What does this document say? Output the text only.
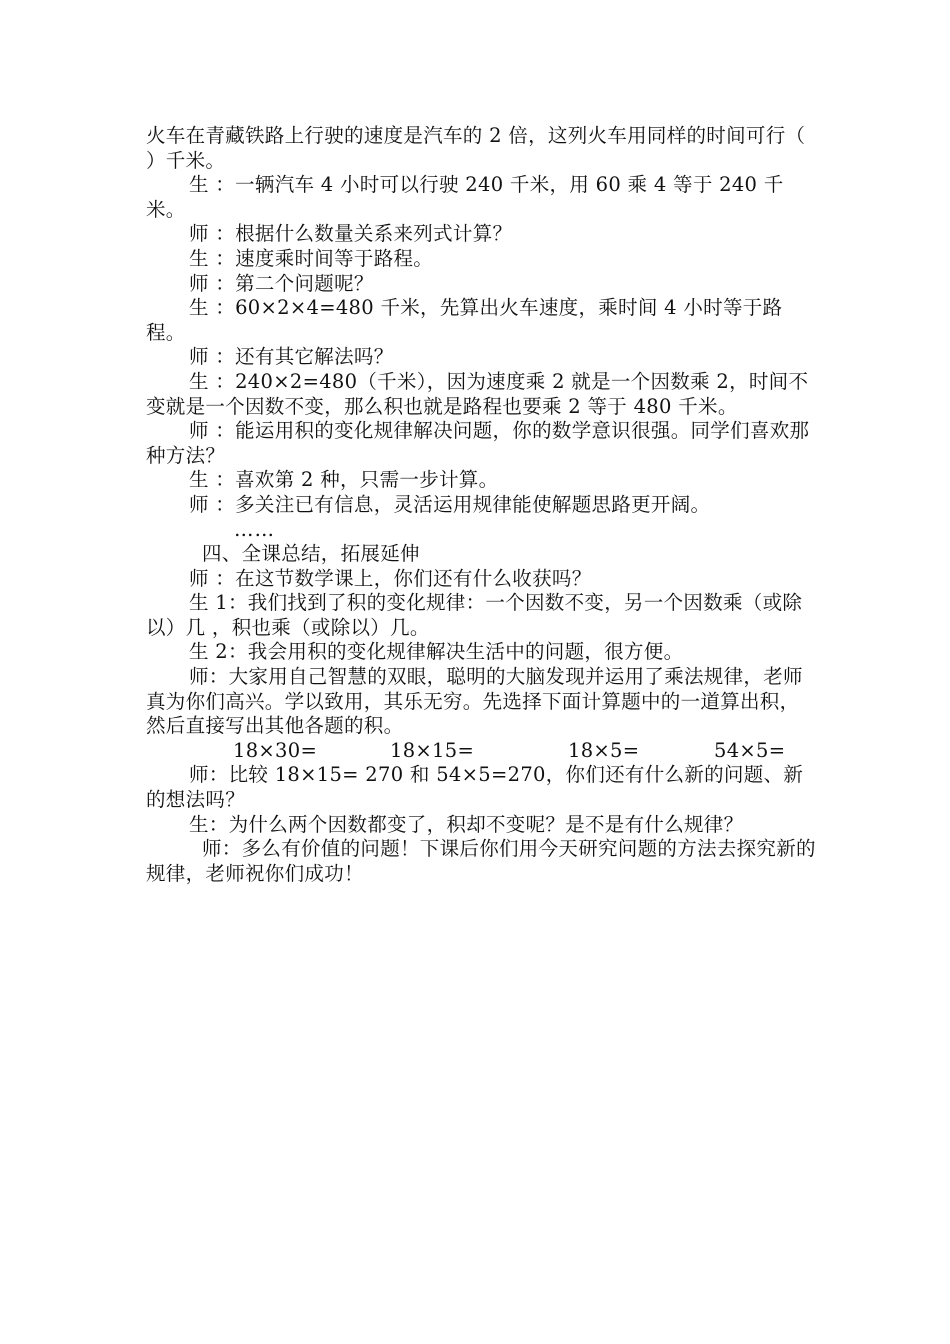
火车在青藏铁路上行驶的速度是汽车的 2 倍，这列火车用同样的时间可行（  ）千米。

生 ：一辆汽车 4 小时可以行驶 240 千米，用 60 乘 4 等于 240 千米。

师 ：根据什么数量关系来列式计算？

生 ：速度乘时间等于路程。

师 ：第二个问题呢？

生 ：60×2×4=480 千米，先算出火车速度，乘时间 4 小时等于路程。

师 ：还有其它解法吗？

生 ：240×2=480（千米），因为速度乘 2 就是一个因数乘 2，时间不变就是一个因数不变，那么积也就是路程也要乘 2 等于 480 千米。

师 ：能运用积的变化规律解决问题，你的数学意识很强。同学们喜欢那种方法？

生 ：喜欢第 2 种，只需一步计算。

师 ：多关注已有信息，灵活运用规律能使解题思路更开阔。

……

四、全课总结，拓展延伸

师 ：在这节数学课上，你们还有什么收获吗？

生 1：我们找到了积的变化规律：一个因数不变，另一个因数乘（或除以）几 ，积也乘（或除以）几。

生 2：我会用积的变化规律解决生活中的问题，很方便。

师：大家用自己智慧的双眼，聪明的大脑发现并运用了乘法规律，老师真为你们高兴。学以致用，其乐无穷。先选择下面计算题中的一道算出积，然后直接写出其他各题的积。

18×30=	18×15=	18×5=	54×5=

师：比较 18×15= 270 和 54×5=270，你们还有什么新的问题、新的想法吗？

生：为什么两个因数都变了，积却不变呢？是不是有什么规律？

师：多么有价值的问题！下课后你们用今天研究问题的方法去探究新的规律，老师祝你们成功！
